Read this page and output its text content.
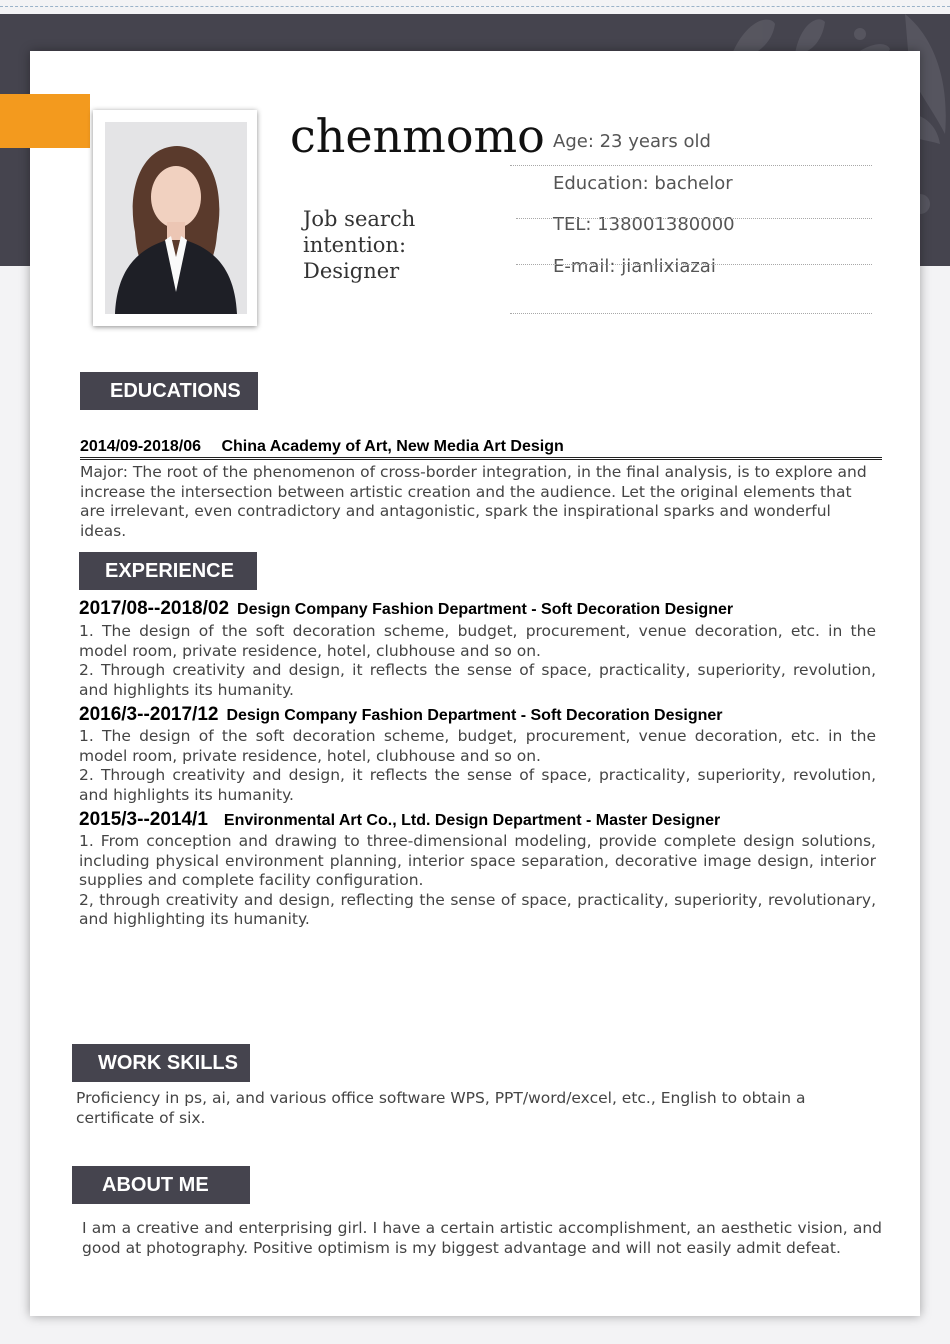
chenmomo
Job search intention: Designer
Age: 23 years old
Education: bachelor
TEL: 138001380000
E-mail: jianlixiazai
EDUCATIONS
2014/09-2018/06 China Academy of Art, New Media Art Design
Major: The root of the phenomenon of cross-border integration, in the final analysis, is to explore and increase the intersection between artistic creation and the audience. Let the original elements that are irrelevant, even contradictory and antagonistic, spark the inspirational sparks and wonderful ideas.
EXPERIENCE
2017/08--2018/02 Design Company Fashion Department - Soft Decoration Designer
1. The design of the soft decoration scheme, budget, procurement, venue decoration, etc. in the model room, private residence, hotel, clubhouse and so on.
2. Through creativity and design, it reflects the sense of space, practicality, superiority, revolution, and highlights its humanity.
2016/3--2017/12 Design Company Fashion Department - Soft Decoration Designer
1. The design of the soft decoration scheme, budget, procurement, venue decoration, etc. in the model room, private residence, hotel, clubhouse and so on.
2. Through creativity and design, it reflects the sense of space, practicality, superiority, revolution, and highlights its humanity.
2015/3--2014/1 Environmental Art Co., Ltd. Design Department - Master Designer
1. From conception and drawing to three-dimensional modeling, provide complete design solutions, including physical environment planning, interior space separation, decorative image design, interior supplies and complete facility configuration.
2, through creativity and design, reflecting the sense of space, practicality, superiority, revolutionary, and highlighting its humanity.
WORK SKILLS
Proficiency in ps, ai, and various office software WPS, PPT/word/excel, etc., English to obtain a certificate of six.
ABOUT ME
I am a creative and enterprising girl. I have a certain artistic accomplishment, an aesthetic vision, and good at photography. Positive optimism is my biggest advantage and will not easily admit defeat.
